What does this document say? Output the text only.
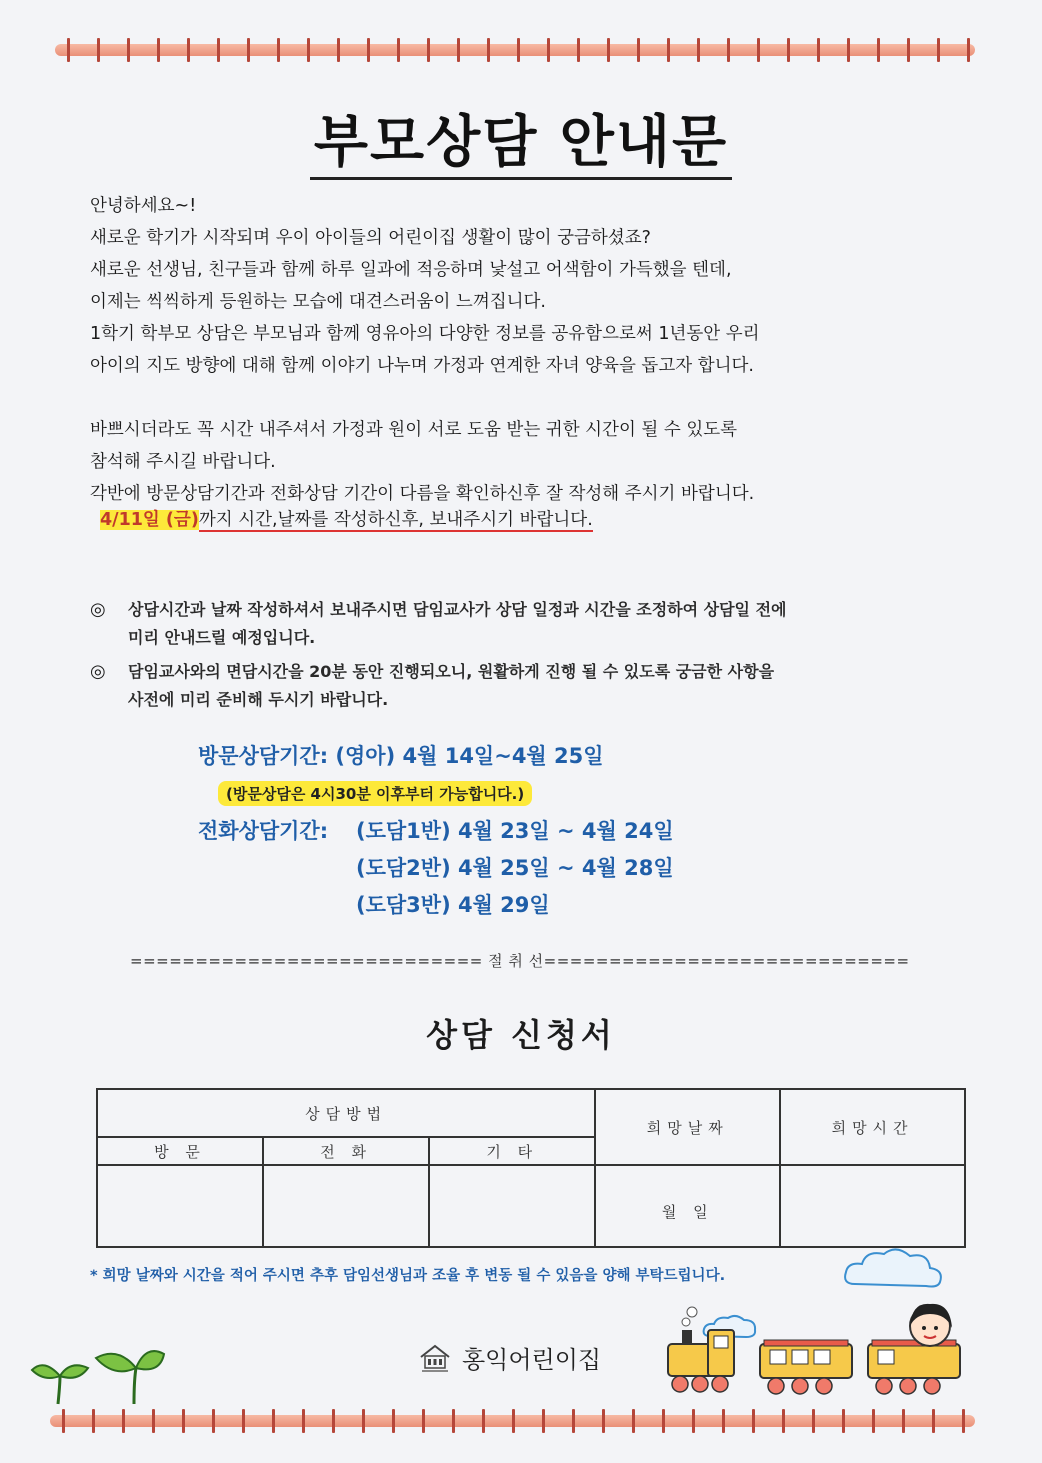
부모상담 안내문

안녕하세요~!

새로운 학기가 시작되며 우이 아이들의 어린이집 생활이 많이 궁금하셨죠?

새로운 선생님, 친구들과 함께 하루 일과에 적응하며 낯설고 어색함이 가득했을 텐데,

이제는 씩씩하게 등원하는 모습에 대견스러움이 느껴집니다.

1학기 학부모 상담은 부모님과 함께 영유아의 다양한 정보를 공유함으로써 1년동안 우리

아이의 지도 방향에 대해 함께 이야기 나누며 가정과 연계한 자녀 양육을 돕고자 합니다.

바쁘시더라도 꼭 시간 내주셔서 가정과 원이 서로 도움 받는 귀한 시간이 될 수 있도록

참석해 주시길 바랍니다.

각반에 방문상담기간과 전화상담 기간이 다름을 확인하신후 잘 작성해 주시기 바랍니다.

4/11일 (금)까지 시간,날짜를 작성하신후, 보내주시기 바랍니다.
◎	상담시간과 날짜 작성하셔서 보내주시면 담임교사가 상담 일정과 시간을 조정하여 상담일 전에
미리 안내드릴 예정입니다.
◎	담임교사와의 면담시간을 20분 동안 진행되오니, 원활하게 진행 될 수 있도록 궁금한 사항을
사전에 미리 준비해 두시기 바랍니다.
방문상담기간: (영아) 4월 14일~4월 25일
(방문상담은 4시30분 이후부터 가능합니다.)
전화상담기간: (도담1반) 4월 23일 ~ 4월 24일
(도담2반) 4월 25일 ~ 4월 28일
(도담3반) 4월 29일
=========================== 절 취 선============================
상담 신청서
상담방법			희망날짜	희망시간
방 문	전 화	기 타		
			월 일	
* 희망 날짜와 시간을 적어 주시면 추후 담임선생님과 조율 후 변동 될 수 있음을 양해 부탁드립니다.
홍익어린이집
